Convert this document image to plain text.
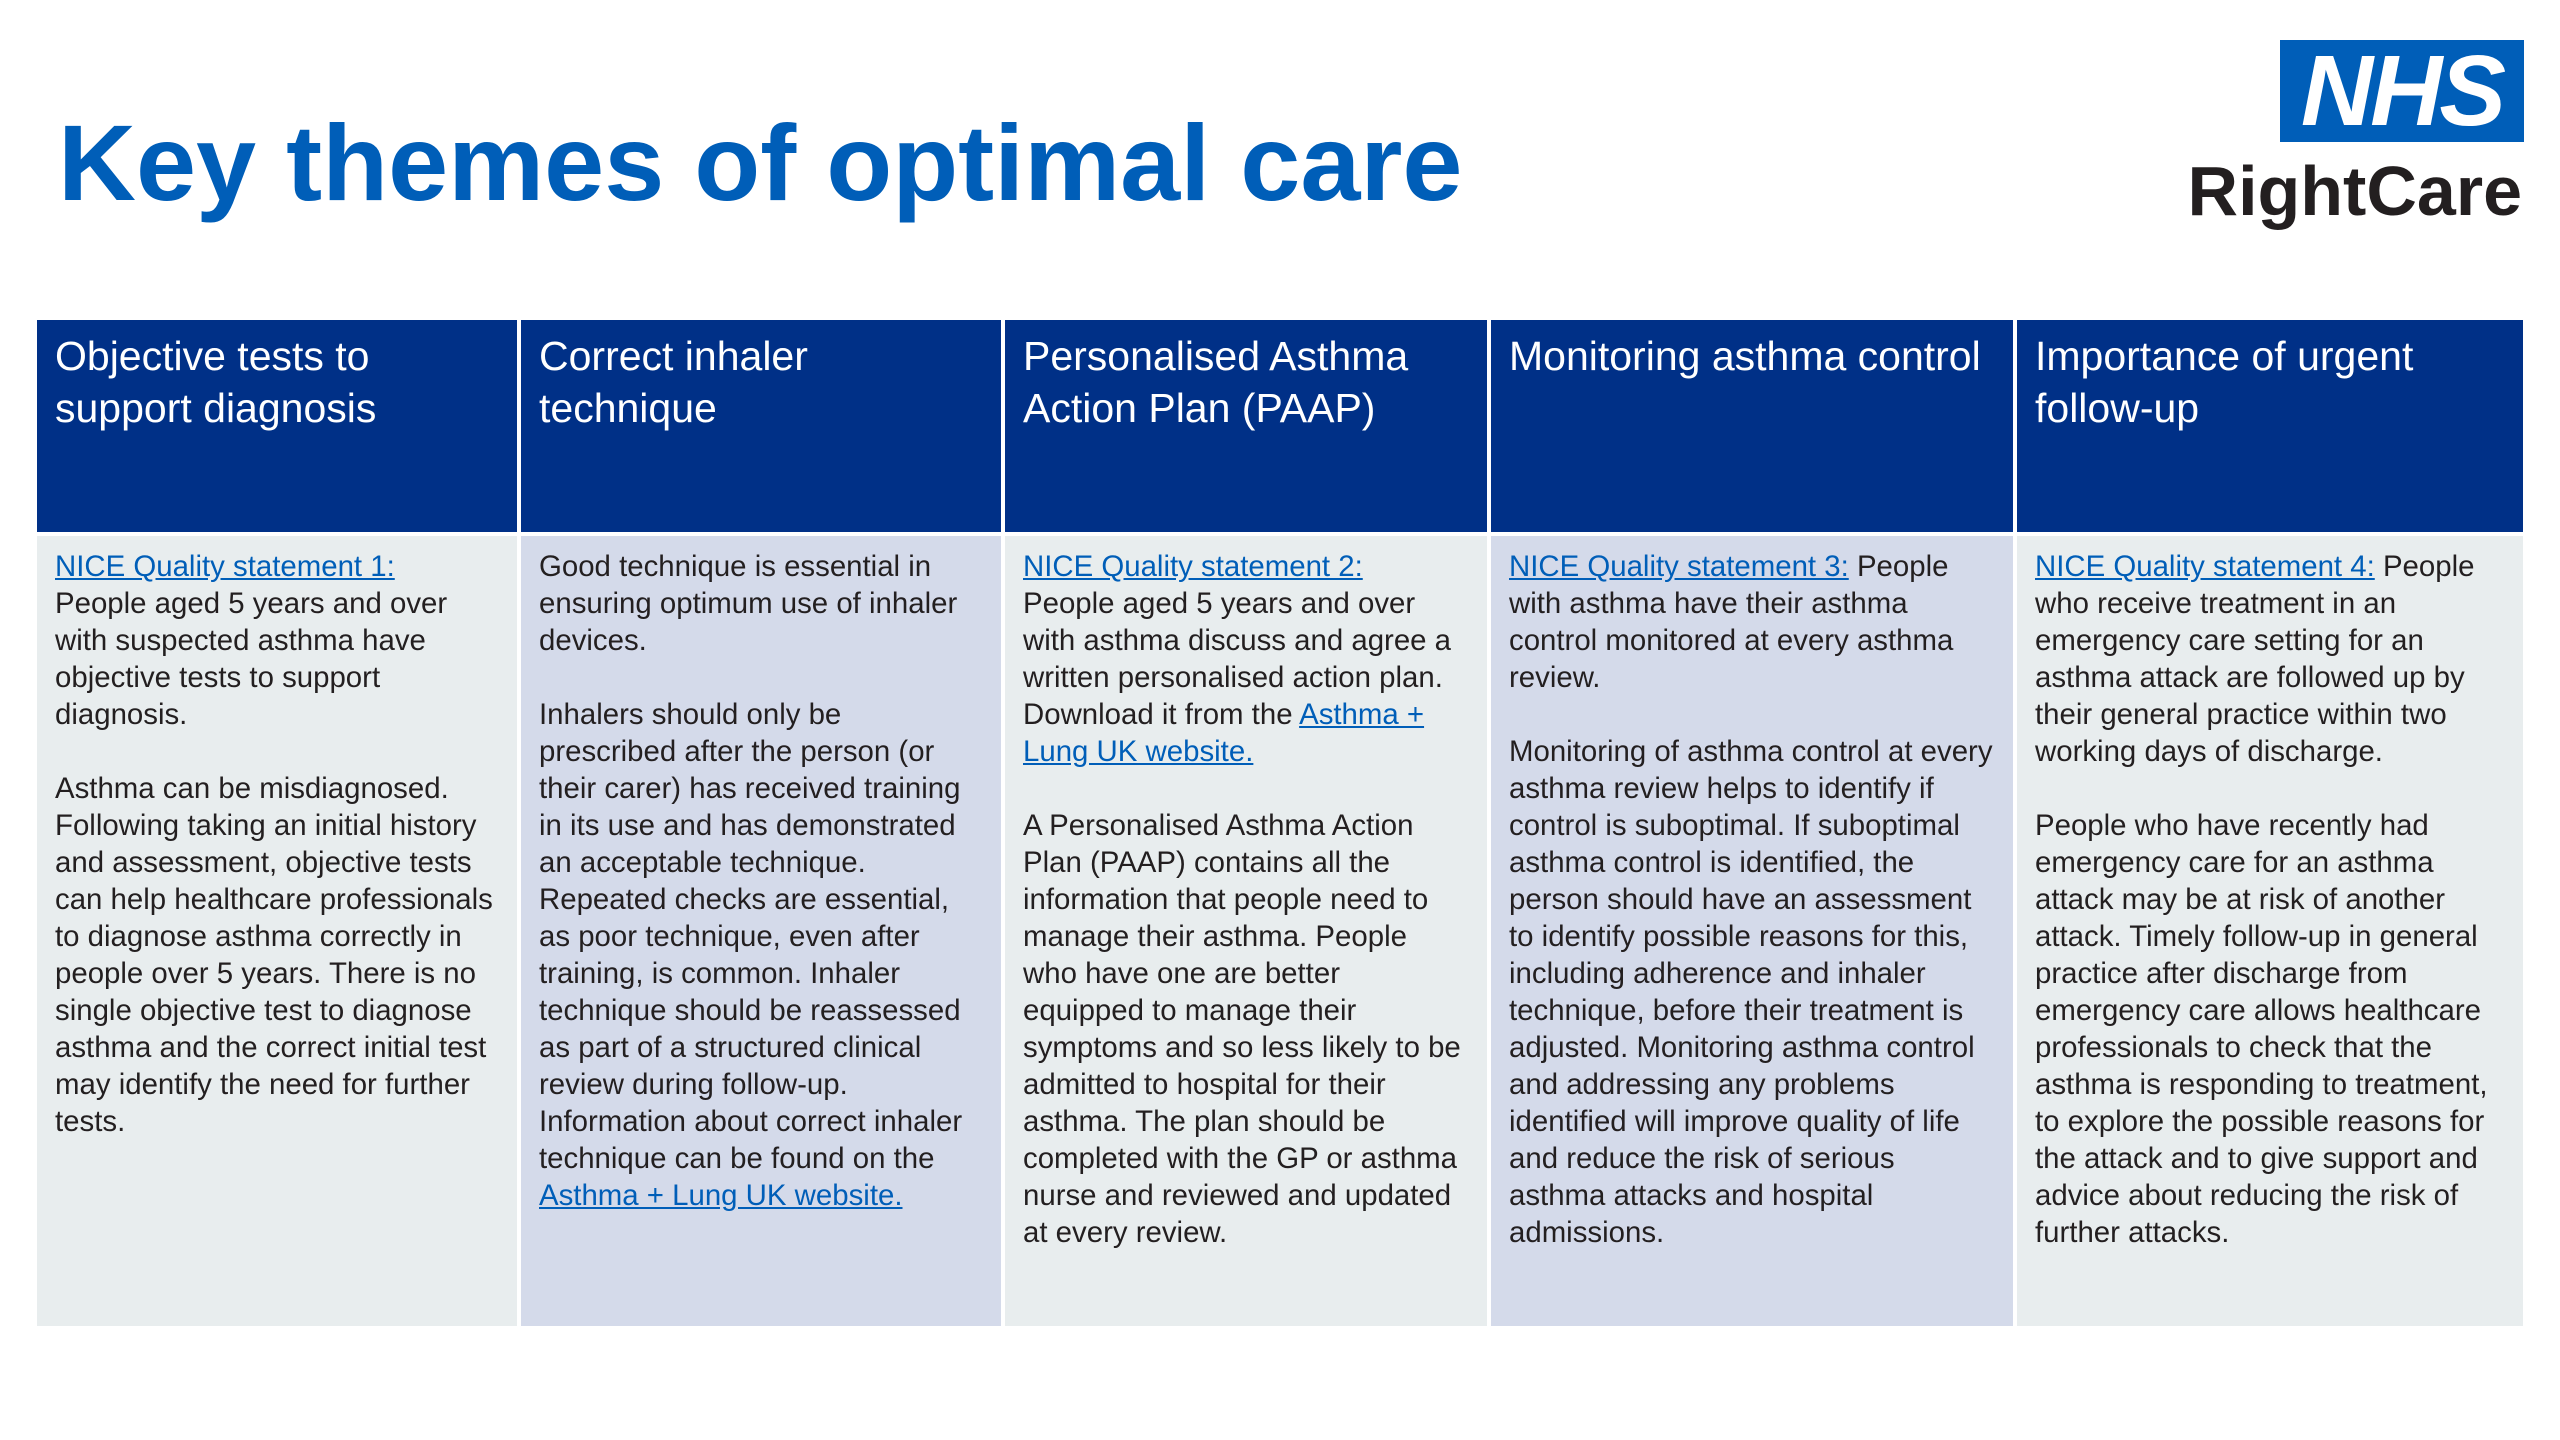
Key themes of optimal care
NHS
RightCare
Objective tests to support diagnosis

NICE Quality statement 1:
People aged 5 years and over with suspected asthma have objective tests to support diagnosis.

Asthma can be misdiagnosed. Following taking an initial history and assessment, objective tests can help healthcare professionals to diagnose asthma correctly in people over 5 years. There is no single objective test to diagnose asthma and the correct initial test may identify the need for further tests.

Correct inhaler technique

Good technique is essential in ensuring optimum use of inhaler devices.

Inhalers should only be prescribed after the person (or their carer) has received training in its use and has demonstrated an acceptable technique. Repeated checks are essential, as poor technique, even after training, is common. Inhaler technique should be reassessed as part of a structured clinical review during follow-up. Information about correct inhaler technique can be found on the
Asthma + Lung UK website.

Personalised Asthma Action Plan (PAAP)

NICE Quality statement 2:
People aged 5 years and over with asthma discuss and agree a written personalised action plan. Download it from the Asthma + Lung UK website.

A Personalised Asthma Action Plan (PAAP) contains all the information that people need to manage their asthma. People who have one are better equipped to manage their symptoms and so less likely to be admitted to hospital for their asthma. The plan should be completed with the GP or asthma nurse and reviewed and updated at every review.

Monitoring asthma control

NICE Quality statement 3: People with asthma have their asthma control monitored at every asthma review.

Monitoring of asthma control at every asthma review helps to identify if control is suboptimal. If suboptimal asthma control is identified, the person should have an assessment to identify possible reasons for this, including adherence and inhaler technique, before their treatment is adjusted. Monitoring asthma control and addressing any problems identified will improve quality of life and reduce the risk of serious asthma attacks and hospital admissions.

Importance of urgent follow-up

NICE Quality statement 4: People who receive treatment in an emergency care setting for an asthma attack are followed up by their general practice within two working days of discharge.

People who have recently had emergency care for an asthma attack may be at risk of another attack. Timely follow-up in general practice after discharge from emergency care allows healthcare professionals to check that the asthma is responding to treatment, to explore the possible reasons for the attack and to give support and advice about reducing the risk of further attacks.
